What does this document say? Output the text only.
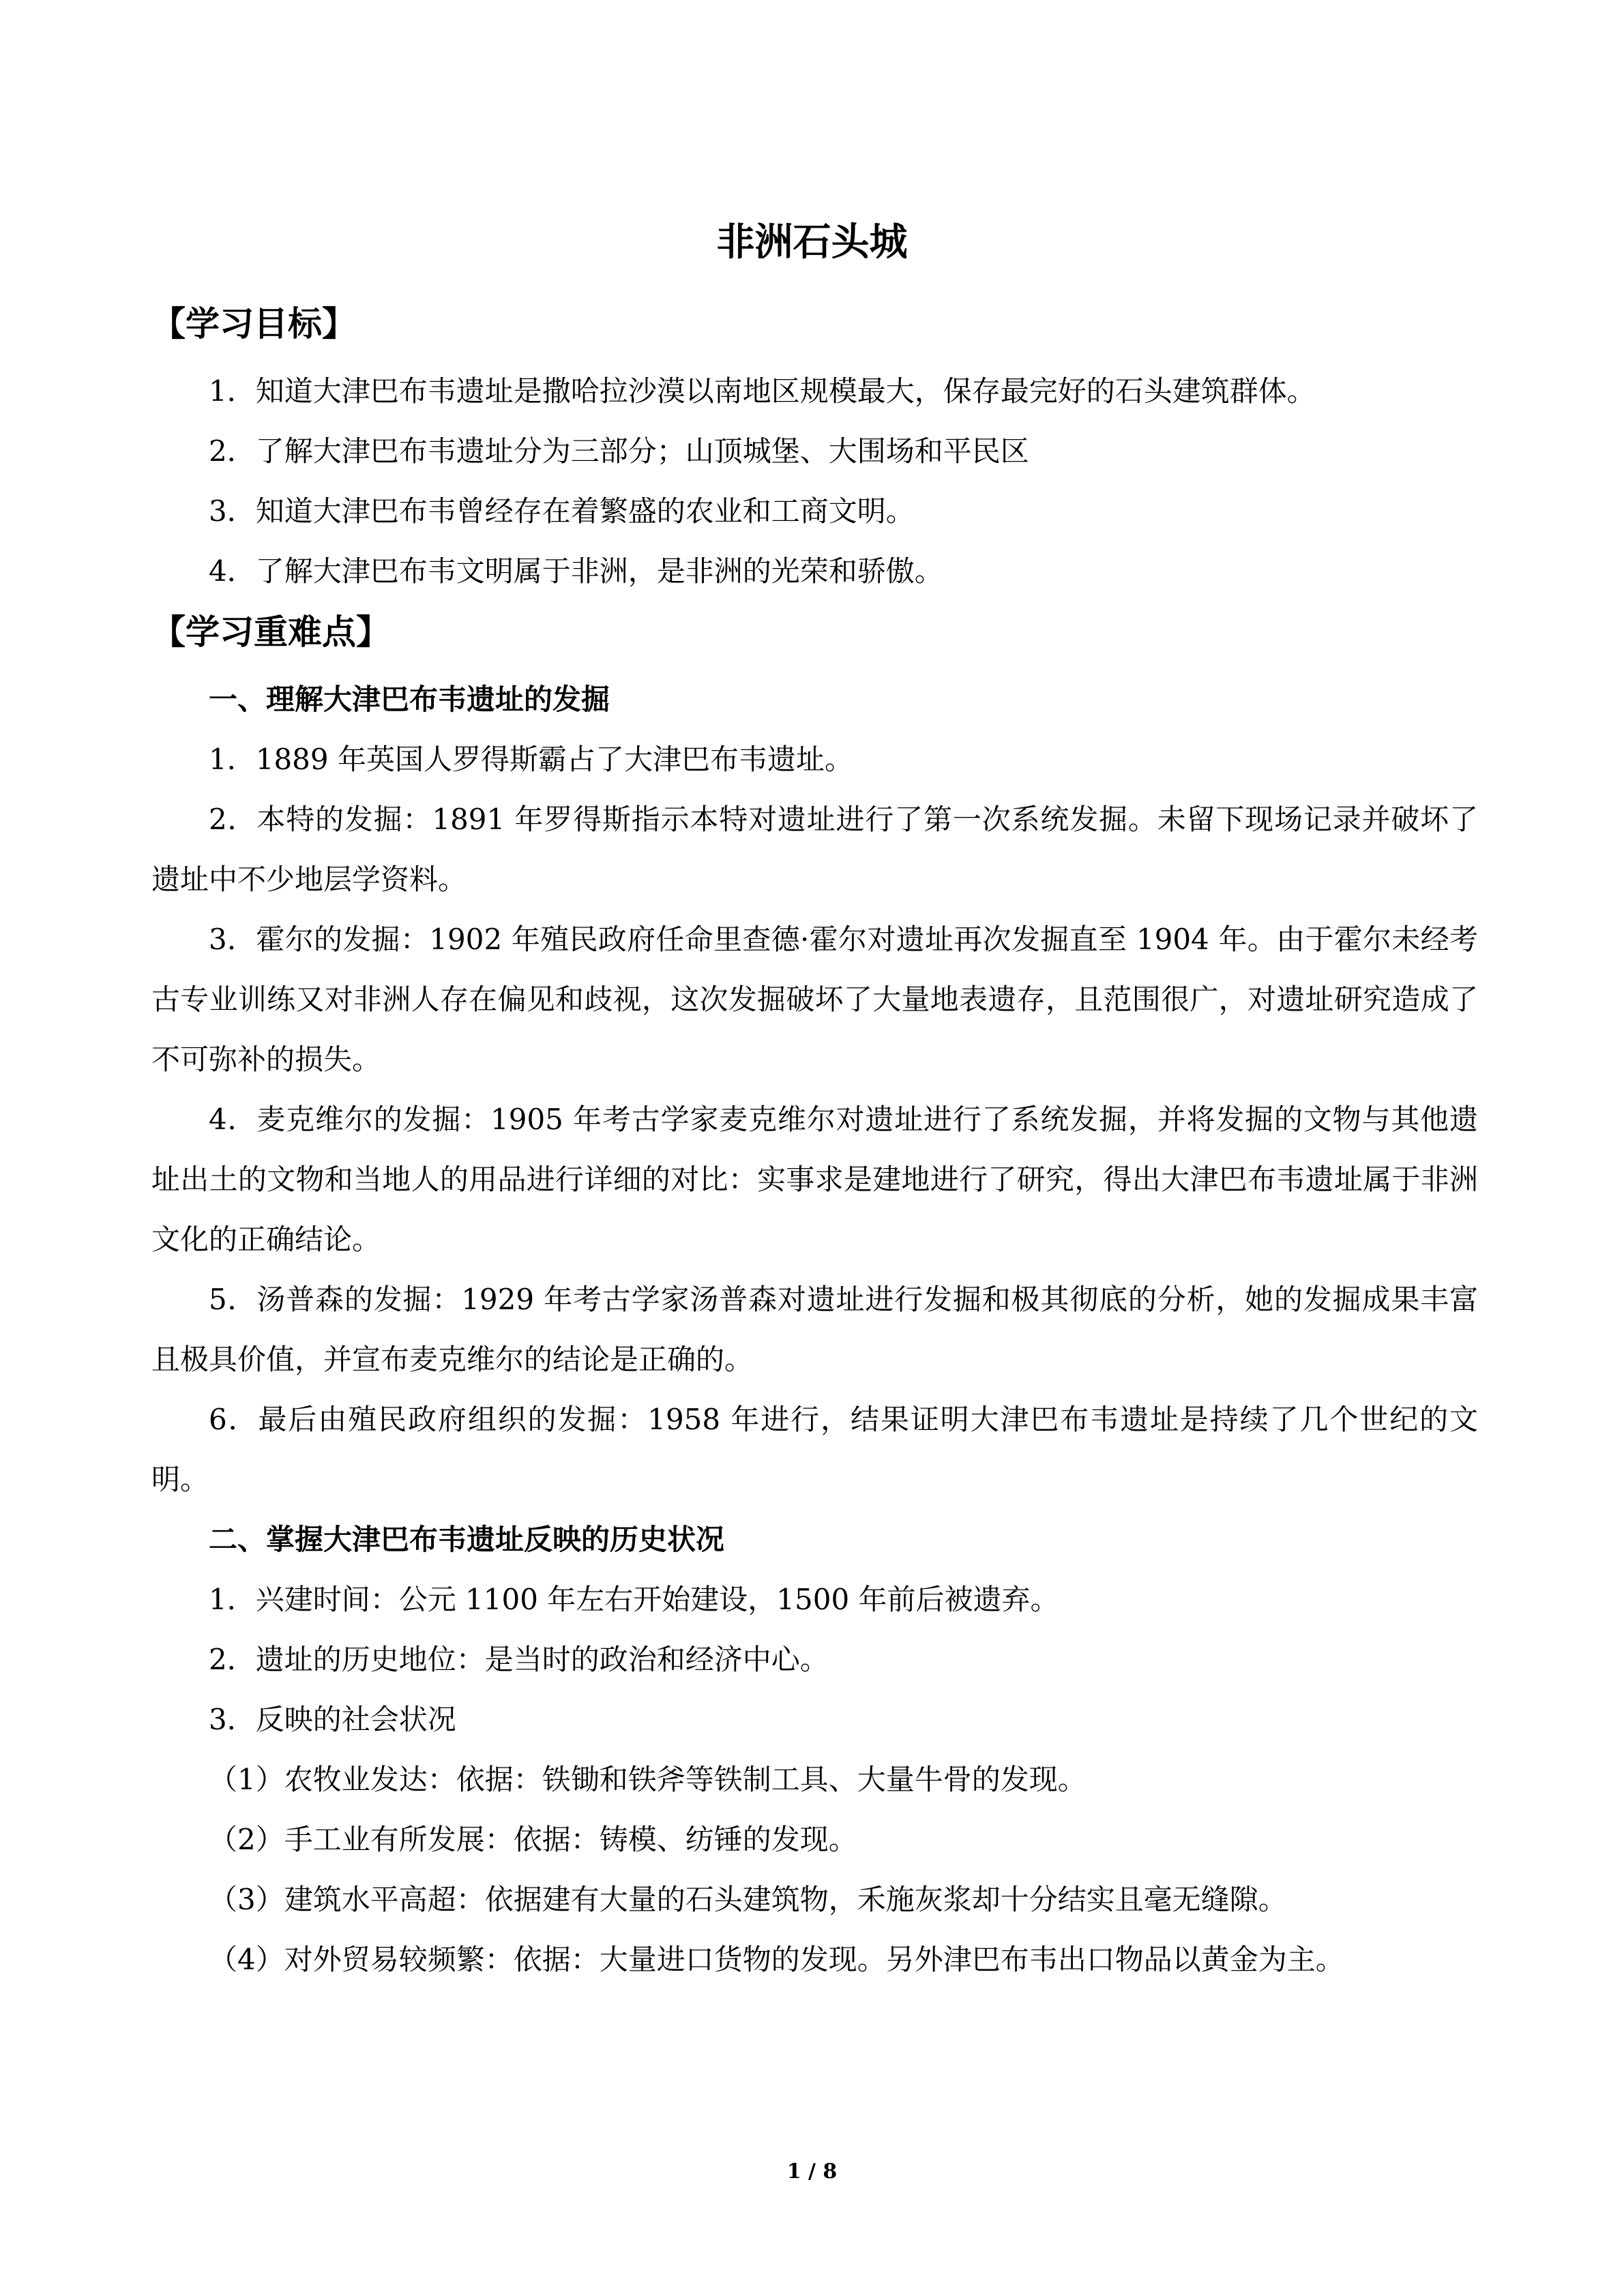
非洲石头城
【学习目标】

1．知道大津巴布韦遗址是撒哈拉沙漠以南地区规模最大，保存最完好的石头建筑群体。

2．了解大津巴布韦遗址分为三部分；山顶城堡、大围场和平民区

3．知道大津巴布韦曾经存在着繁盛的农业和工商文明。

4．了解大津巴布韦文明属于非洲，是非洲的光荣和骄傲。

【学习重难点】

一、理解大津巴布韦遗址的发掘

1．1889 年英国人罗得斯霸占了大津巴布韦遗址。

2．本特的发掘：1891 年罗得斯指示本特对遗址进行了第一次系统发掘。未留下现场记录并破坏了遗址中不少地层学资料。

3．霍尔的发掘：1902 年殖民政府任命里查德·霍尔对遗址再次发掘直至 1904 年。由于霍尔未经考古专业训练又对非洲人存在偏见和歧视，这次发掘破坏了大量地表遗存，且范围很广，对遗址研究造成了不可弥补的损失。

4．麦克维尔的发掘：1905 年考古学家麦克维尔对遗址进行了系统发掘，并将发掘的文物与其他遗址出土的文物和当地人的用品进行详细的对比：实事求是建地进行了研究，得出大津巴布韦遗址属于非洲文化的正确结论。

5．汤普森的发掘：1929 年考古学家汤普森对遗址进行发掘和极其彻底的分析，她的发掘成果丰富且极具价值，并宣布麦克维尔的结论是正确的。

6．最后由殖民政府组织的发掘：1958 年进行，结果证明大津巴布韦遗址是持续了几个世纪的文明。

二、掌握大津巴布韦遗址反映的历史状况

1．兴建时间：公元 1100 年左右开始建设，1500 年前后被遗弃。

2．遗址的历史地位：是当时的政治和经济中心。

3．反映的社会状况

（1）农牧业发达：依据：铁锄和铁斧等铁制工具、大量牛骨的发现。

（2）手工业有所发展：依据：铸模、纺锤的发现。

（3）建筑水平高超：依据建有大量的石头建筑物，禾施灰浆却十分结实且毫无缝隙。

（4）对外贸易较频繁：依据：大量进口货物的发现。另外津巴布韦出口物品以黄金为主。

1 / 8
